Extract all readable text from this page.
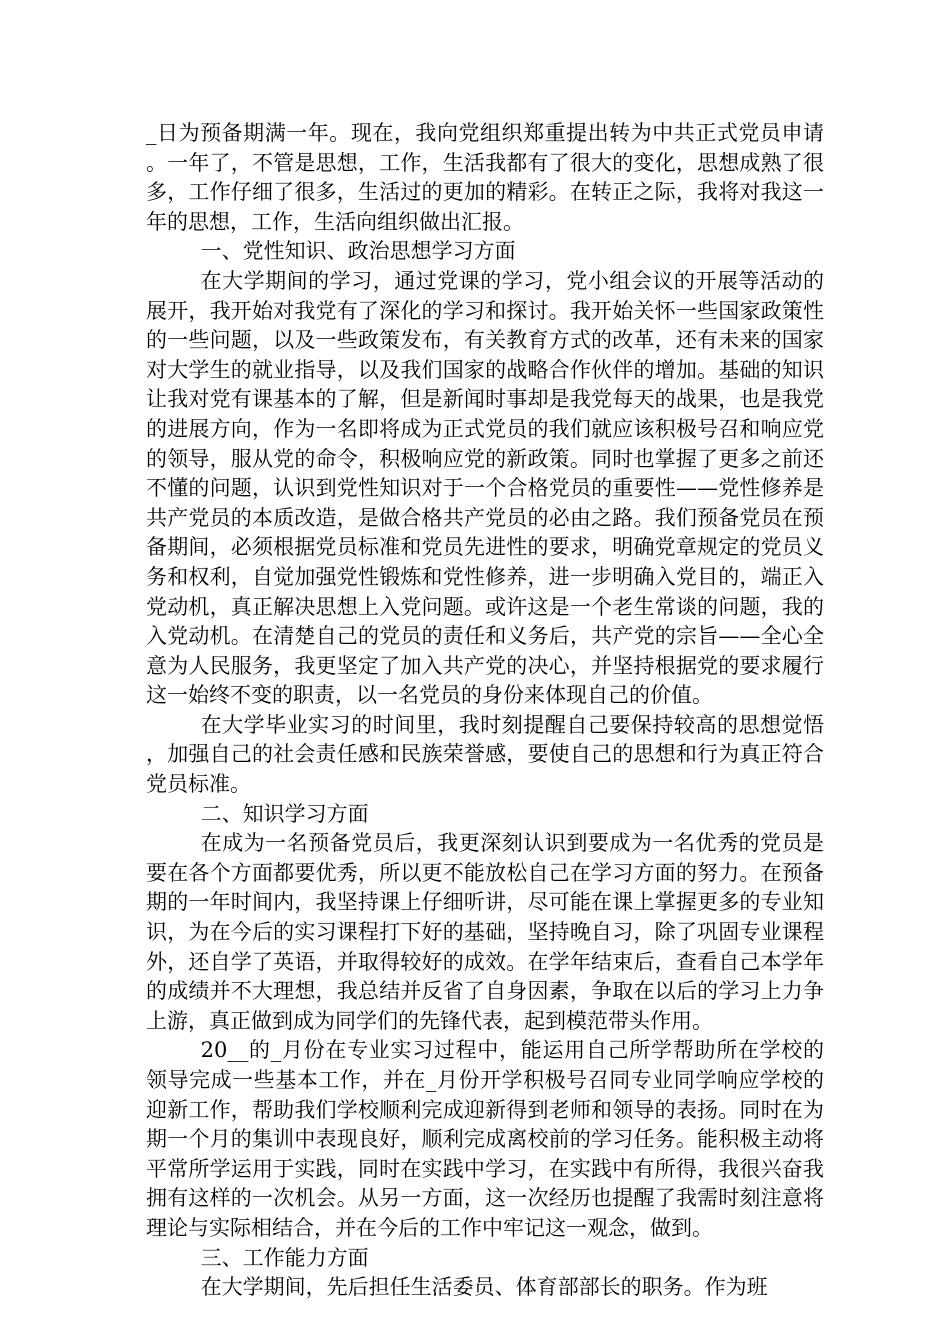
_日为预备期满一年。现在，我向党组织郑重提出转为中共正式党员申请。一年了，不管是思想，工作，生活我都有了很大的变化，思想成熟了很多，工作仔细了很多，生活过的更加的精彩。在转正之际，我将对我这一年的思想，工作，生活向组织做出汇报。

一、党性知识、政治思想学习方面

在大学期间的学习，通过党课的学习，党小组会议的开展等活动的展开，我开始对我党有了深化的学习和探讨。我开始关怀一些国家政策性的一些问题，以及一些政策发布，有关教育方式的改革，还有未来的国家对大学生的就业指导，以及我们国家的战略合作伙伴的增加。基础的知识让我对党有课基本的了解，但是新闻时事却是我党每天的战果，也是我党的进展方向，作为一名即将成为正式党员的我们就应该积极号召和响应党的领导，服从党的命令，积极响应党的新政策。同时也掌握了更多之前还不懂的问题，认识到党性知识对于一个合格党员的重要性——党性修养是共产党员的本质改造，是做合格共产党员的必由之路。我们预备党员在预备期间，必须根据党员标准和党员先进性的要求，明确党章规定的党员义务和权利，自觉加强党性锻炼和党性修养，进一步明确入党目的，端正入党动机，真正解决思想上入党问题。或许这是一个老生常谈的问题，我的入党动机。在清楚自己的党员的责任和义务后，共产党的宗旨——全心全意为人民服务，我更坚定了加入共产党的决心，并坚持根据党的要求履行这一始终不变的职责，以一名党员的身份来体现自己的价值。

在大学毕业实习的时间里，我时刻提醒自己要保持较高的思想觉悟，加强自己的社会责任感和民族荣誉感，要使自己的思想和行为真正符合党员标准。

二、知识学习方面

在成为一名预备党员后，我更深刻认识到要成为一名优秀的党员是要在各个方面都要优秀，所以更不能放松自己在学习方面的努力。在预备期的一年时间内，我坚持课上仔细听讲，尽可能在课上掌握更多的专业知识，为在今后的实习课程打下好的基础，坚持晚自习，除了巩固专业课程外，还自学了英语，并取得较好的成效。在学年结束后，查看自己本学年的成绩并不大理想，我总结并反省了自身因素，争取在以后的学习上力争上游，真正做到成为同学们的先锋代表，起到模范带头作用。

20__的_月份在专业实习过程中，能运用自己所学帮助所在学校的领导完成一些基本工作，并在_月份开学积极号召同专业同学响应学校的迎新工作，帮助我们学校顺利完成迎新得到老师和领导的表扬。同时在为期一个月的集训中表现良好，顺利完成离校前的学习任务。能积极主动将平常所学运用于实践，同时在实践中学习，在实践中有所得，我很兴奋我拥有这样的一次机会。从另一方面，这一次经历也提醒了我需时刻注意将理论与实际相结合，并在今后的工作中牢记这一观念，做到。

三、工作能力方面

在大学期间，先后担任生活委员、体育部部长的职务。作为班
